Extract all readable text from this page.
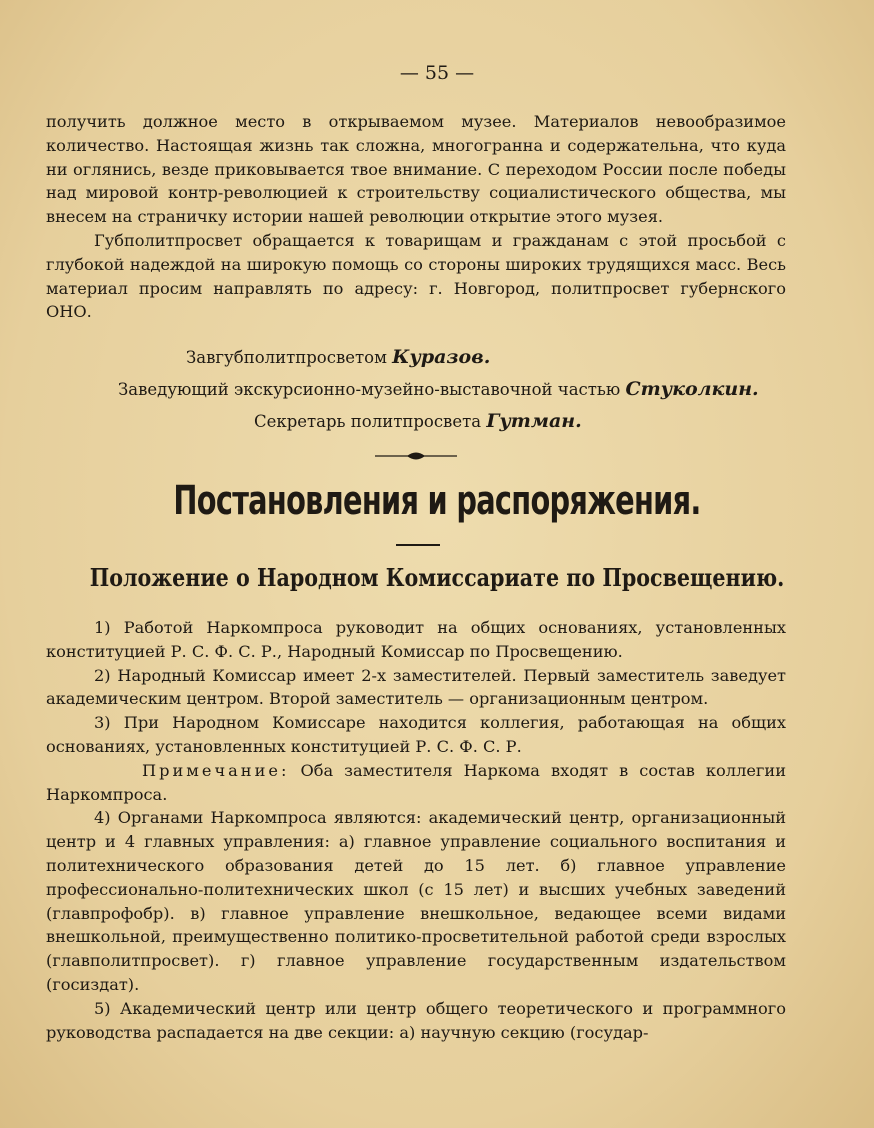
— 55 —

получить должное место в открываемом музее. Материалов невообразимое количество. Настоящая жизнь так сложна, многогранна и содержательна, что куда ни оглянись, везде приковывается твое внимание. С переходом России после победы над мировой контр-революцией к строительству социалистического общества, мы внесем на страничку истории нашей революции открытие этого музея.

Губполитпросвет обращается к товарищам и гражданам с этой просьбой с глубокой надеждой на широкую помощь со стороны широких трудящихся масс. Весь материал просим направлять по адресу: г. Новгород, политпросвет губернского ОНО.

Завгубполитпросветом Куразов.
Заведующий экскурсионно-музейно-выставочной частью Стуколкин.
Секретарь политпросвета Гутман.
Постановления и распоряжения.
Положение о Народном Комиссариате по Просвещению.

1) Работой Наркомпроса руководит на общих основаниях, установленных конституцией Р. С. Ф. С. Р., Народный Комиссар по Просвещению.

2) Народный Комиссар имеет 2-х заместителей. Первый заместитель заведует академическим центром. Второй заместитель — организационным центром.

3) При Народном Комиссаре находится коллегия, работающая на общих основаниях, установленных конституцией Р. С. Ф. С. Р.

Примечание: Оба заместителя Наркома входят в состав коллегии Наркомпроса.

4) Органами Наркомпроса являются: академический центр, организационный центр и 4 главных управления: а) главное управление социального воспитания и политехнического образования детей до 15 лет. б) главное управление профессионально-политехнических школ (с 15 лет) и высших учебных заведений (главпрофобр). в) главное управление внешкольное, ведающее всеми видами внешкольной, преимущественно политико-просветительной работой среди взрослых (главполитпросвет). г) главное управление государственным издательством (госиздат).

5) Академический центр или центр общего теоретического и программного руководства распадается на две секции: а) научную секцию (государ-
